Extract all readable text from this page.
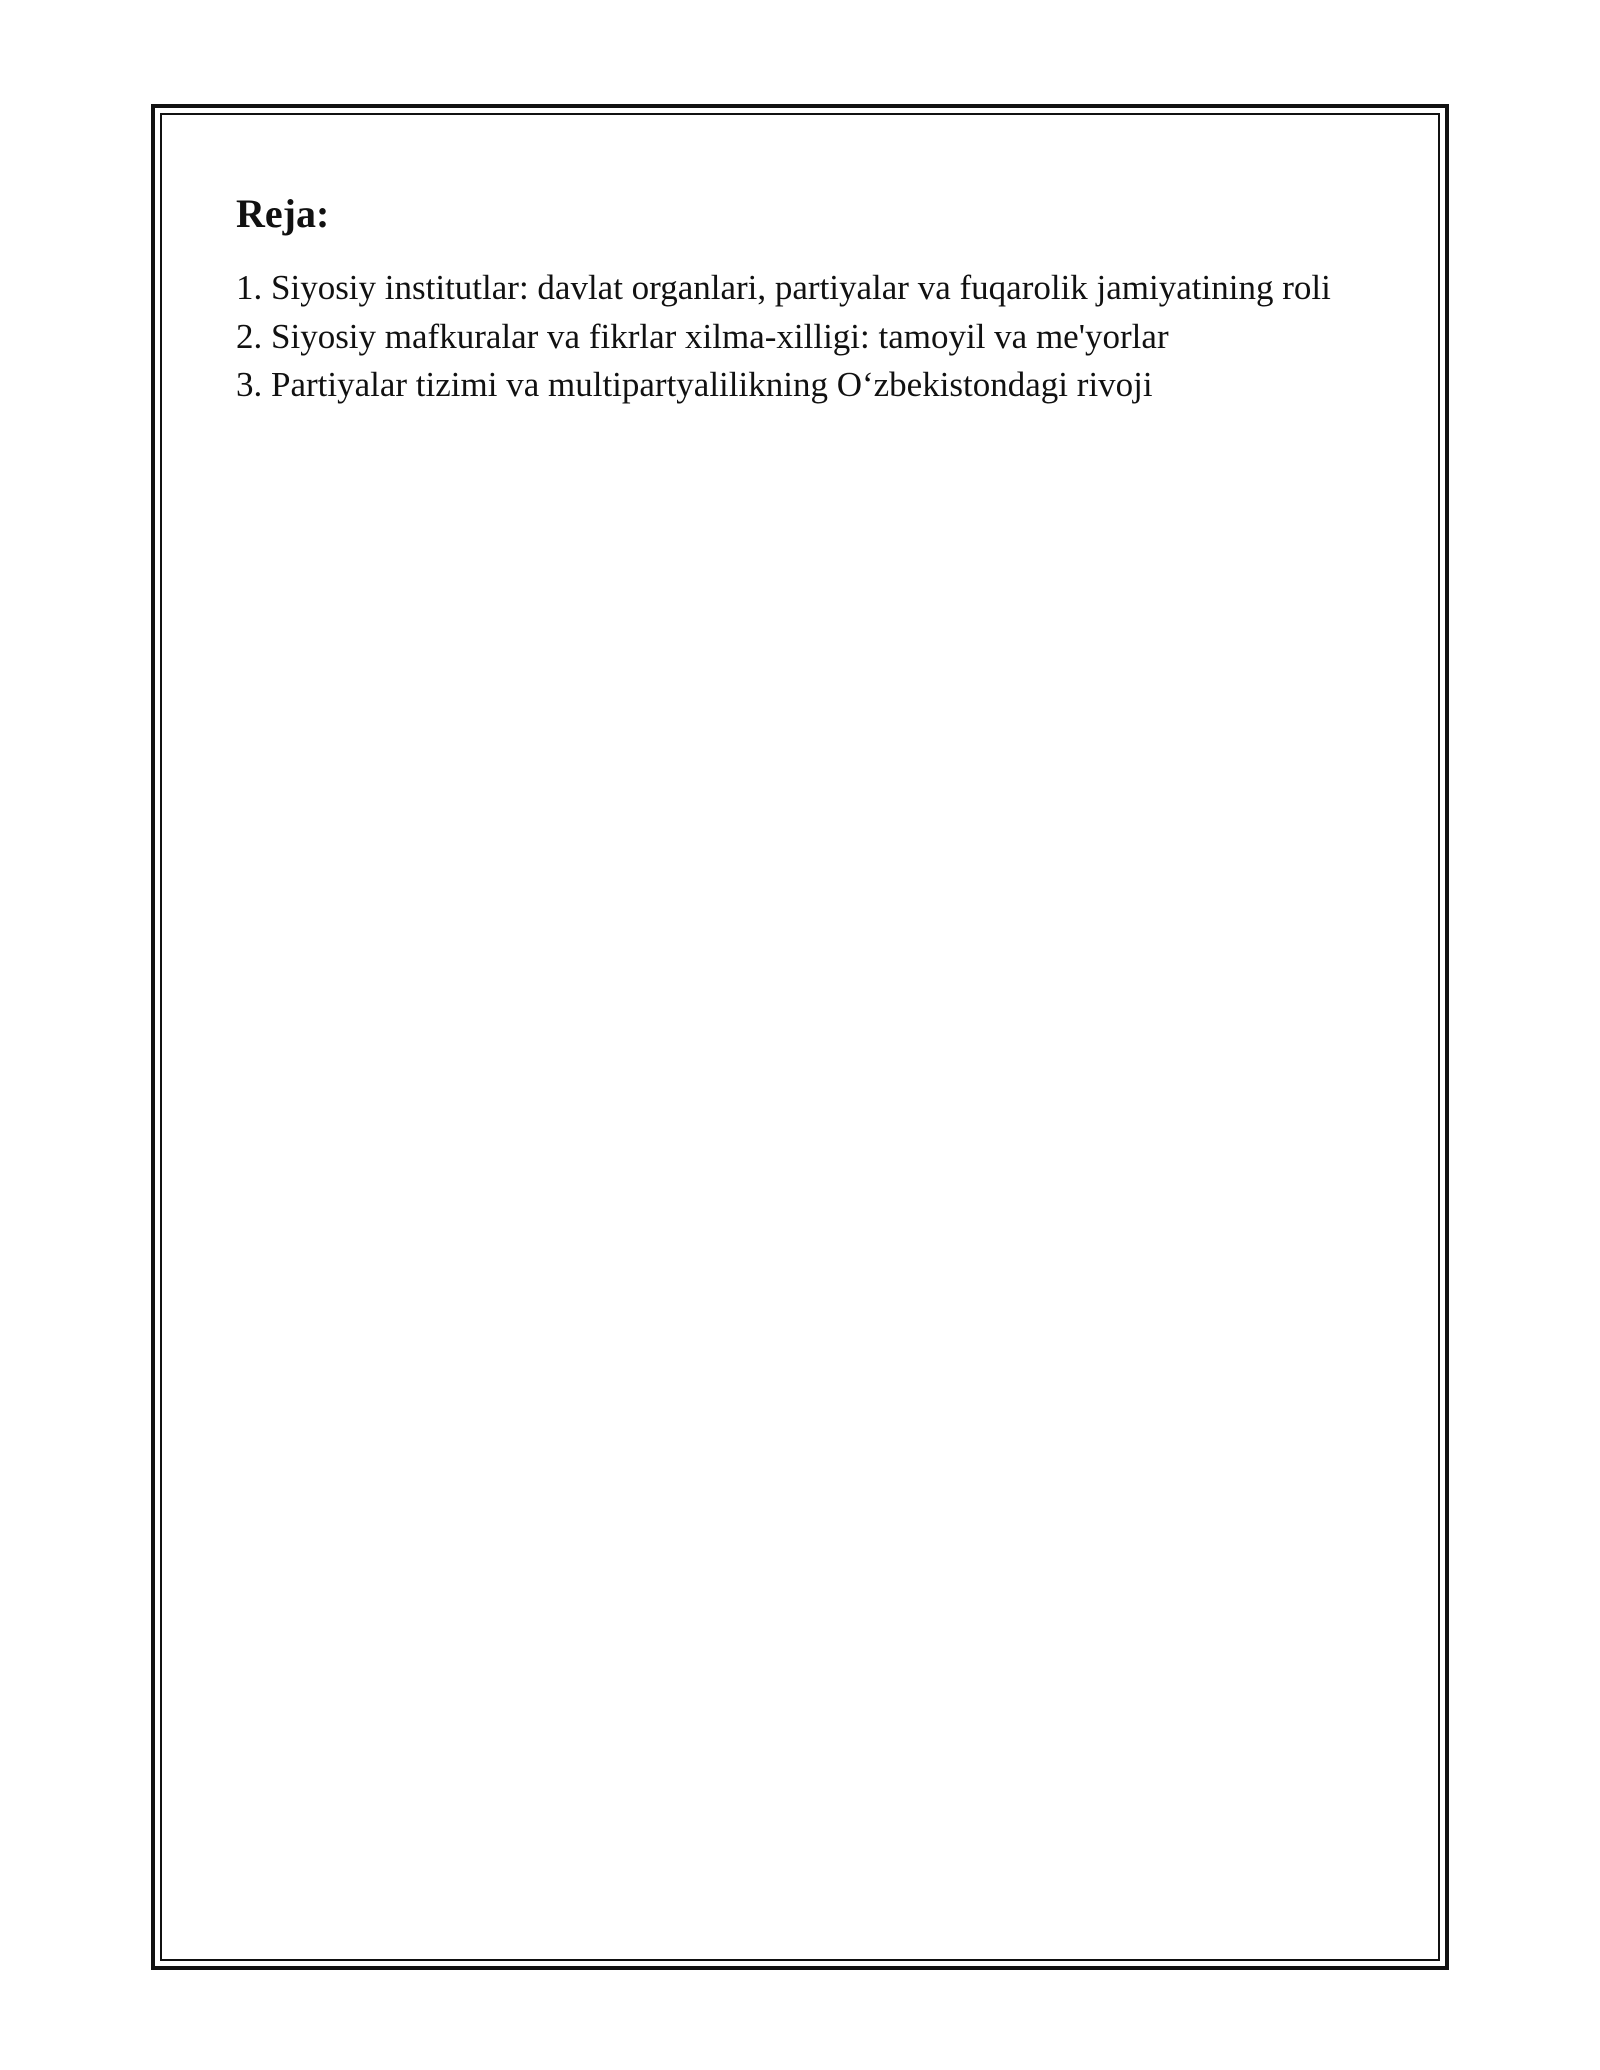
Reja:
1. Siyosiy institutlar: davlat organlari, partiyalar va fuqarolik jamiyatining roli
2. Siyosiy mafkuralar va fikrlar xilma-xilligi: tamoyil va me'yorlar
3. Partiyalar tizimi va multipartyalilikning O‘zbekistondagi rivoji
